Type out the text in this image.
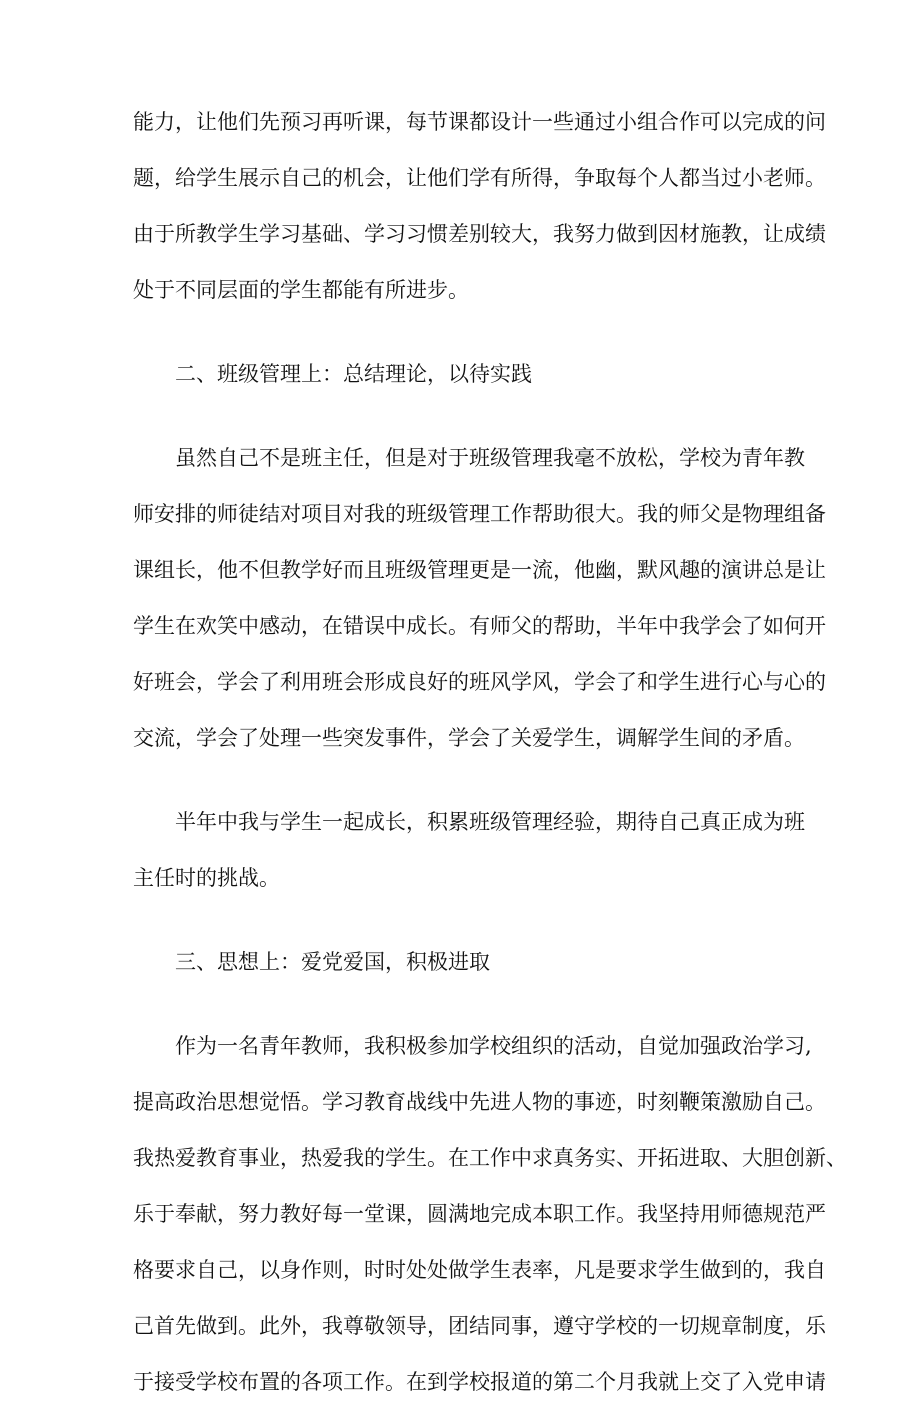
能力，让他们先预习再听课，每节课都设计一些通过小组合作可以完成的问
题，给学生展示自己的机会，让他们学有所得，争取每个人都当过小老师。
由于所教学生学习基础、学习习惯差别较大，我努力做到因材施教，让成绩
处于不同层面的学生都能有所进步。
二、班级管理上：总结理论，以待实践
虽然自己不是班主任，但是对于班级管理我毫不放松，学校为青年教
师安排的师徒结对项目对我的班级管理工作帮助很大。我的师父是物理组备
课组长，他不但教学好而且班级管理更是一流，他幽，默风趣的演讲总是让
学生在欢笑中感动，在错误中成长。有师父的帮助，半年中我学会了如何开
好班会，学会了利用班会形成良好的班风学风，学会了和学生进行心与心的
交流，学会了处理一些突发事件，学会了关爱学生，调解学生间的矛盾。
半年中我与学生一起成长，积累班级管理经验，期待自己真正成为班
主任时的挑战。
三、思想上：爱党爱国，积极进取
作为一名青年教师，我积极参加学校组织的活动，自觉加强政治学习,
提高政治思想觉悟。学习教育战线中先进人物的事迹，时刻鞭策激励自己。
我热爱教育事业，热爱我的学生。在工作中求真务实、开拓进取、大胆创新、
乐于奉献，努力教好每一堂课，圆满地完成本职工作。我坚持用师德规范严
格要求自己，以身作则，时时处处做学生表率，凡是要求学生做到的，我自
己首先做到。此外，我尊敬领导，团结同事，遵守学校的一切规章制度，乐
于接受学校布置的各项工作。在到学校报道的第二个月我就上交了入党申请
